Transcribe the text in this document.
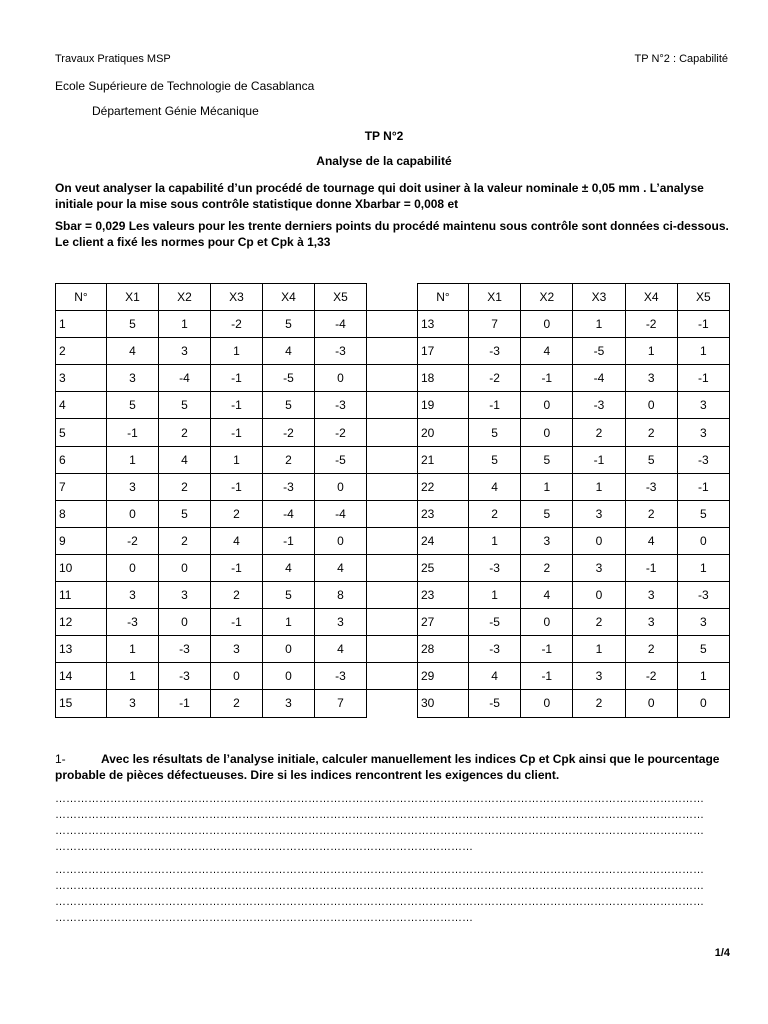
Travaux Pratiques MSP	TP N°2 : Capabilité
Ecole Supérieure de Technologie de Casablanca
Département Génie Mécanique
TP N°2
Analyse de la capabilité
On veut analyser la capabilité d’un procédé de tournage qui doit usiner à la valeur nominale ± 0,05 mm . L’analyse initiale pour la mise sous contrôle statistique donne Xbarbar = 0,008 et
Sbar = 0,029 Les valeurs pour les trente derniers points du procédé maintenu sous contrôle sont données ci-dessous. Le client a fixé les normes pour Cp et Cpk à 1,33
N°	X1	X2	X3	X4	X5
1	5	1	-2	5	-4
2	4	3	1	4	-3
3	3	-4	-1	-5	0
4	5	5	-1	5	-3
5	-1	2	-1	-2	-2
6	1	4	1	2	-5
7	3	2	-1	-3	0
8	0	5	2	-4	-4
9	-2	2	4	-1	0
10	0	0	-1	4	4
11	3	3	2	5	8
12	-3	0	-1	1	3
13	1	-3	3	0	4
14	1	-3	0	0	-3
15	3	-1	2	3	7
N°	X1	X2	X3	X4	X5
13	7	0	1	-2	-1
17	-3	4	-5	1	1
18	-2	-1	-4	3	-1
19	-1	0	-3	0	3
20	5	0	2	2	3
21	5	5	-1	5	-3
22	4	1	1	-3	-1
23	2	5	3	2	5
24	1	3	0	4	0
25	-3	2	3	-1	1
23	1	4	0	3	-3
27	-5	0	2	3	3
28	-3	-1	1	2	5
29	4	-1	3	-2	1
30	-5	0	2	0	0
1-	Avec les résultats de l’analyse initiale, calculer manuellement les indices Cp et Cpk ainsi que le pourcentage probable de pièces défectueuses. Dire si les indices rencontrent les exigences du client.
……………………………………………………………………………………………………………………………………………………………
……………………………………………………………………………………………………………………………………………………………
……………………………………………………………………………………………………………………………………………………………
……………………………………………………………………………………………………
……………………………………………………………………………………………………………………………………………………………
……………………………………………………………………………………………………………………………………………………………
……………………………………………………………………………………………………………………………………………………………
……………………………………………………………………………………………………
1/4
